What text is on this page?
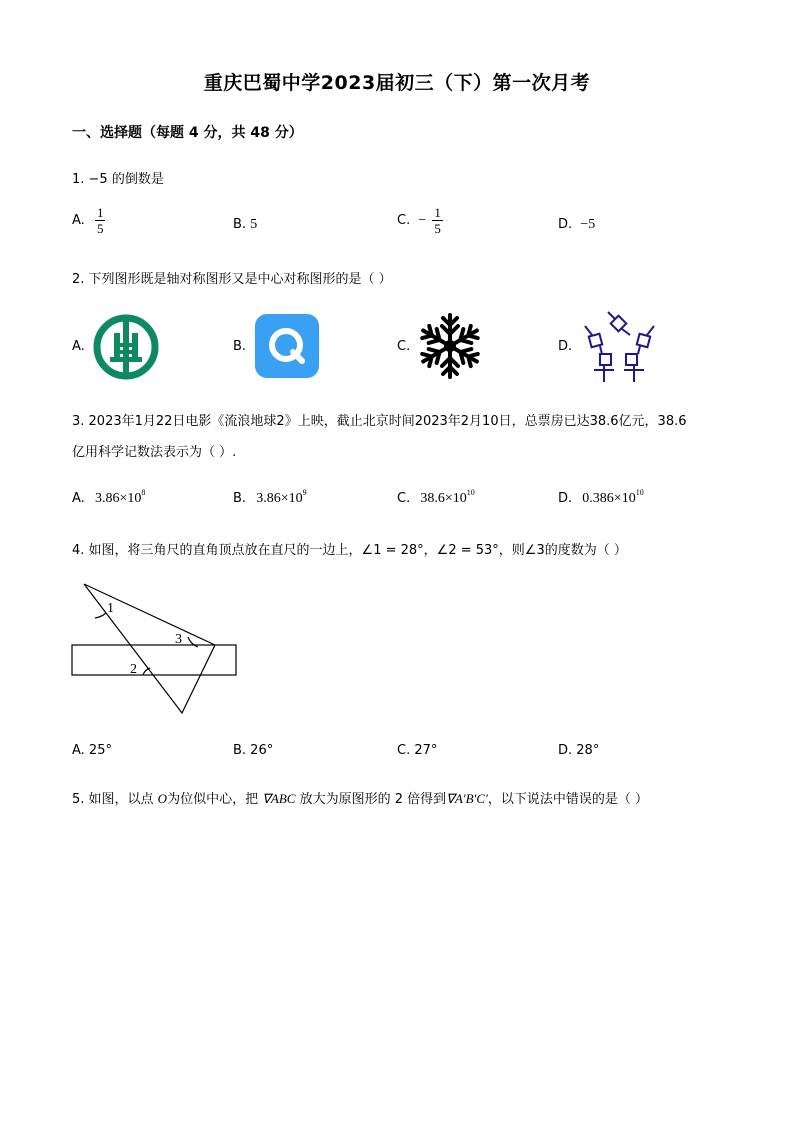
重庆巴蜀中学2023届初三（下）第一次月考
一、选择题（每题 4 分，共 48 分）
1. −5 的倒数是
A. $\frac{1}{5}$	B. 5	C. − $\frac{1}{5}$	D. −5
2. 下列图形既是轴对称图形又是中心对称图形的是（ ）
A.	B.	C.	D.
3. 2023年1月22日电影《流浪地球2》上映，截止北京时间2023年2月10日，总票房已达38.6亿元，38.6
亿用科学记数法表示为（ ）.
A. $3.86\times 10^8$	B. $3.86\times 10^9$	C. $38.6\times 10^{10}$	D. $0.386\times 10^{10}$
4. 如图，将三角尺的直角顶点放在直尺的一边上，∠1 = 28°，∠2 = 53°，则∠3的度数为（ ）
1
3
2
A. 25°	B. 26°	C. 27°	D. 28°
5. 如图，以点 O为位似中心，把 ∇ABC 放大为原图形的 2 倍得到∇A′B′C′，以下说法中错误的是（ ）
